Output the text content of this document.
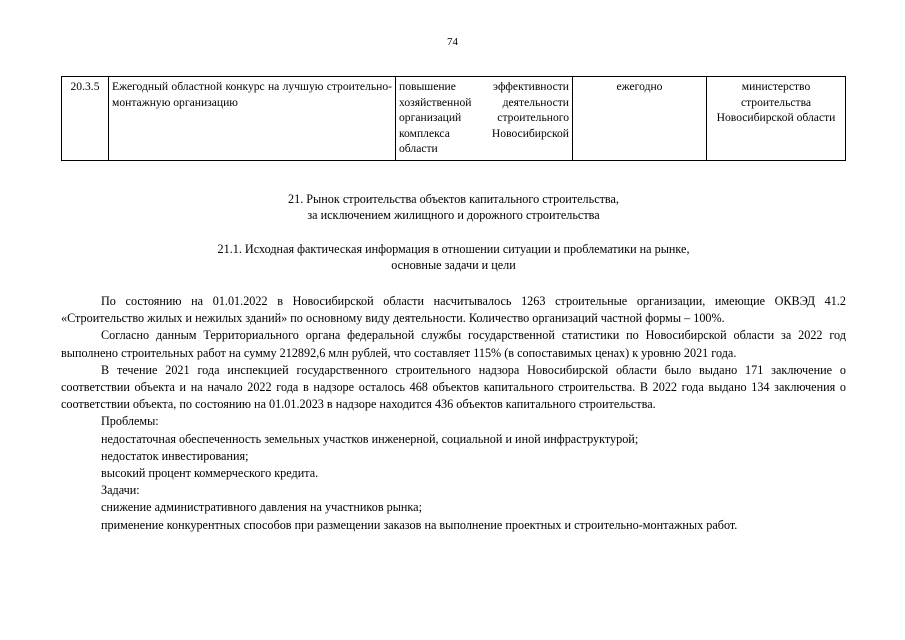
74
20.3.5	Ежегодный областной конкурс на лучшую строительно-монтажную организацию	повышение эффективности хозяйственной деятельности организаций строительного комплекса Новосибирской области	ежегодно	министерство строительства Новосибирской области
21. Рынок строительства объектов капитального строительства,
за исключением жилищного и дорожного строительства
21.1. Исходная фактическая информация в отношении ситуации и проблематики на рынке,
основные задачи и цели

По состоянию на 01.01.2022 в Новосибирской области насчитывалось 1263 строительные организации, имеющие ОКВЭД 41.2 «Строительство жилых и нежилых зданий» по основному виду деятельности. Количество организаций частной формы – 100%.

Согласно данным Территориального органа федеральной службы государственной статистики по Новосибирской области за 2022 год выполнено строительных работ на сумму 212892,6 млн рублей, что составляет 115% (в сопоставимых ценах) к уровню 2021 года.

В течение 2021 года инспекцией государственного строительного надзора Новосибирской области было выдано 171 заключение о соответствии объекта и на начало 2022 года в надзоре осталось 468 объектов капитального строительства. В 2022 года выдано 134 заключения о соответствии объекта, по состоянию на 01.01.2023 в надзоре находится 436 объектов капитального строительства.

Проблемы:

недостаточная обеспеченность земельных участков инженерной, социальной и иной инфраструктурой;

недостаток инвестирования;

высокий процент коммерческого кредита.

Задачи:

снижение административного давления на участников рынка;

применение конкурентных способов при размещении заказов на выполнение проектных и строительно-монтажных работ.
